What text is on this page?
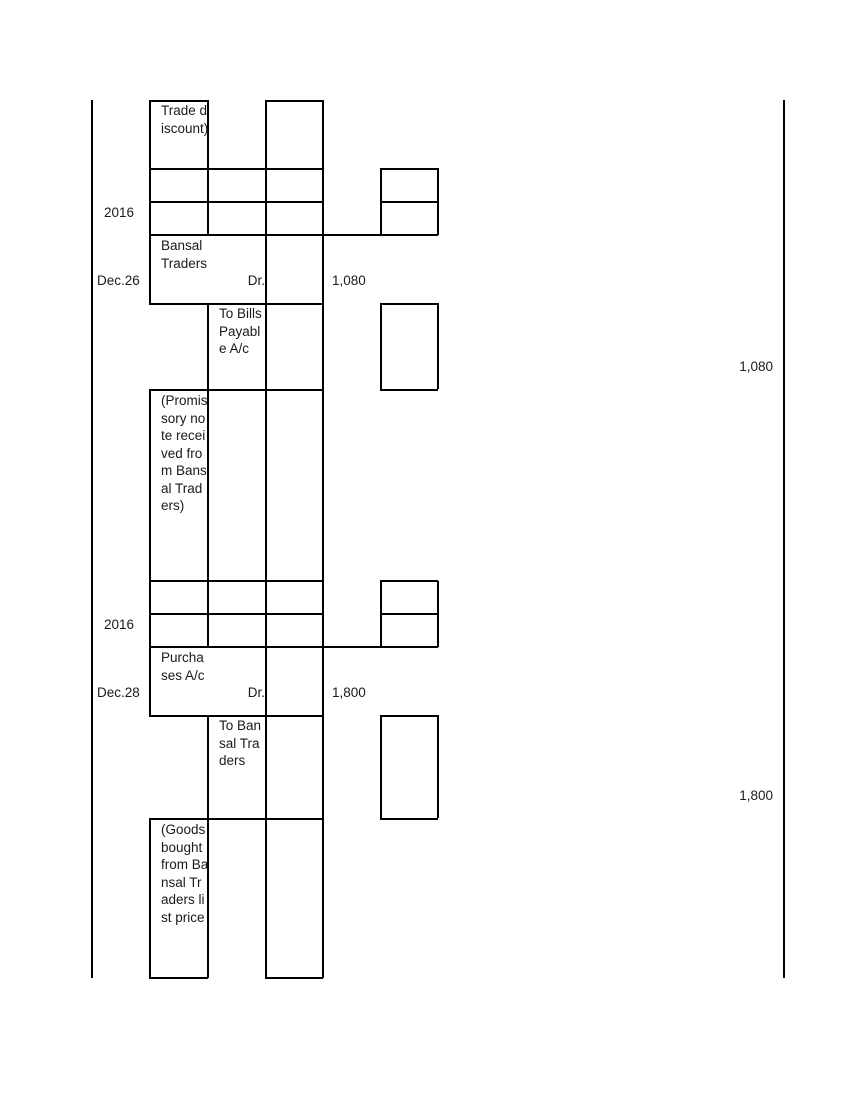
Trade discount)
2016
Dec.26
Bansal Traders
Dr.	1,080
To Bills Payable A/c
1,080
(Promissory note received from Bansal Traders)
2016
Dec.28
Purchases A/c
Dr.	1,800
To Bansal Traders
1,800
(Goods bought from Bansal Traders list price
